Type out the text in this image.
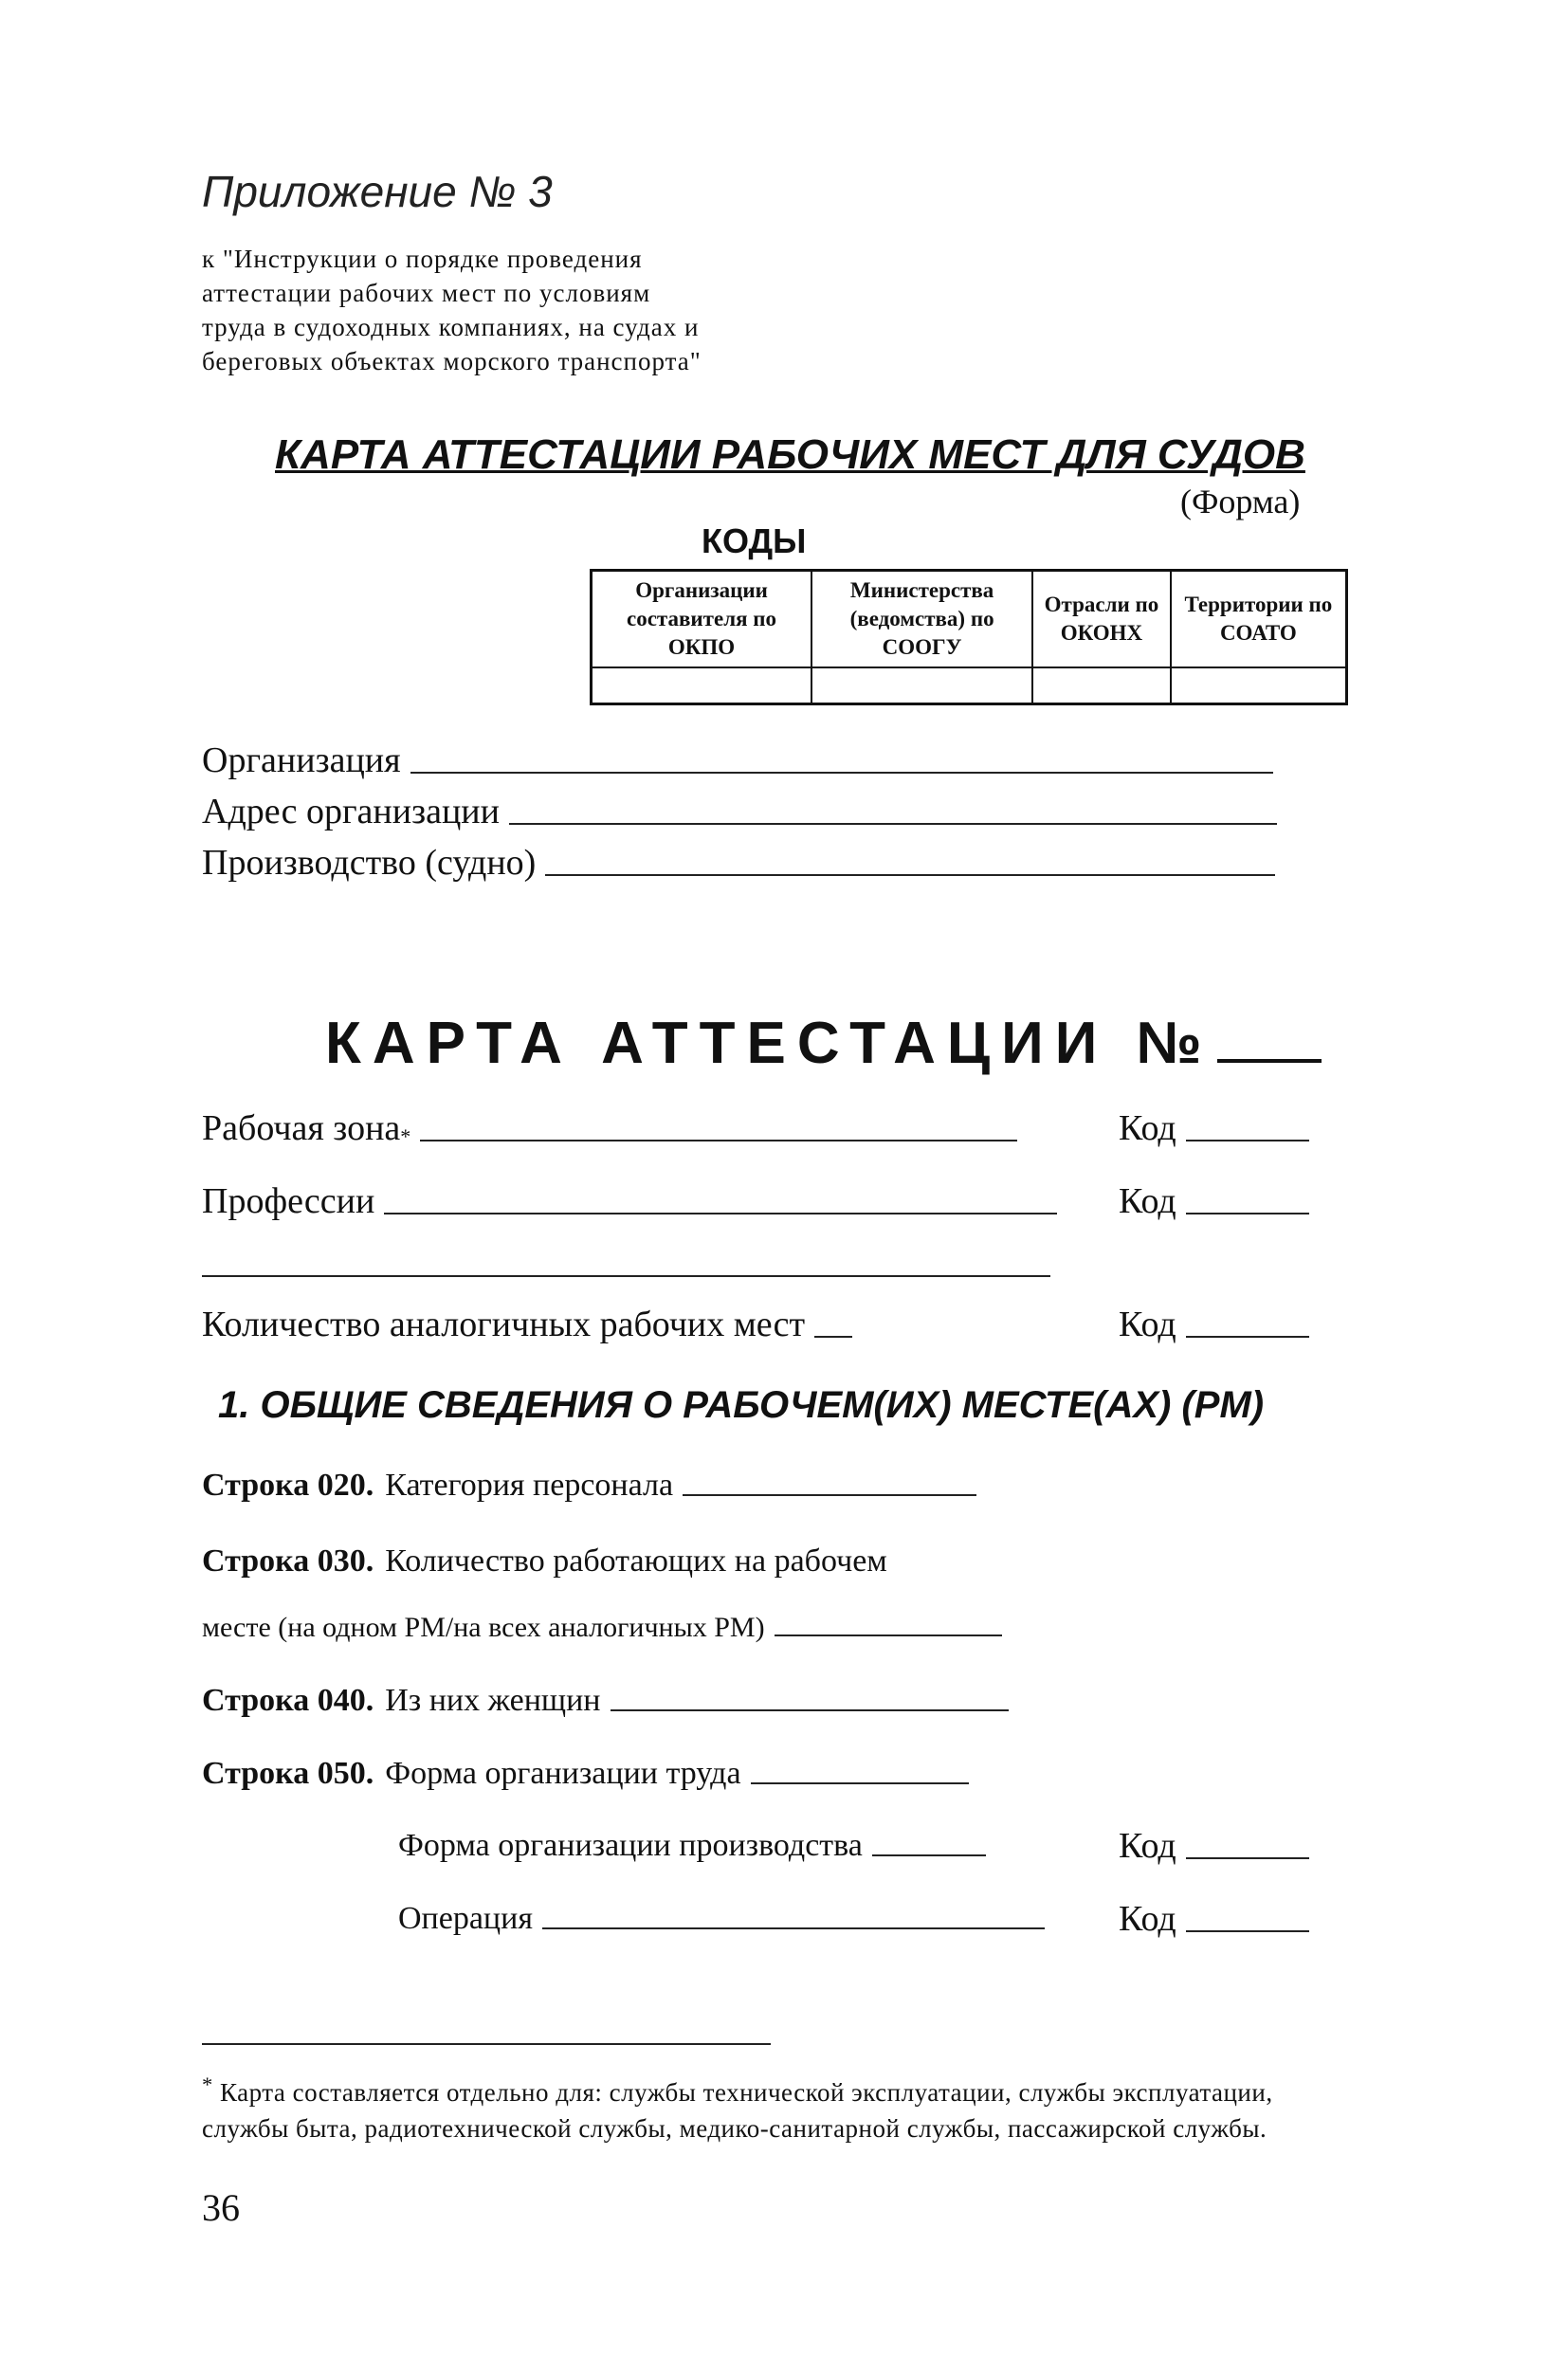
Приложение № 3
к "Инструкции о порядке проведения
аттестации рабочих мест по условиям
труда в судоходных компаниях, на судах и
береговых объектах морского транспорта"
КАРТА АТТЕСТАЦИИ РАБОЧИХ МЕСТ ДЛЯ СУДОВ
(Форма)
КОДЫ
Организации составителя по ОКПО	Министерства (ведомства) по СООГУ	Отрасли по ОКОНХ	Территории по СОАТО

Организация
Адрес организации
Производство (судно)
КАРТА АТТЕСТАЦИИ №
Рабочая зона$_*$	Код
Профессии	Код
Количество аналогичных рабочих мест	Код
1. ОБЩИЕ СВЕДЕНИЯ О РАБОЧЕМ(ИХ) МЕСТЕ(АХ) (РМ)
Строка 020. Категория персонала
Строка 030. Количество работающих на рабочем
месте (на одном РМ/на всех аналогичных РМ)
Строка 040. Из них женщин
Строка 050. Форма организации труда
Форма организации производства	Код
Операция	Код
* Карта составляется отдельно для: службы технической эксплуатации, службы эксплуатации, службы быта, радиотехнической службы, медико-санитарной службы, пассажирской службы.
36
